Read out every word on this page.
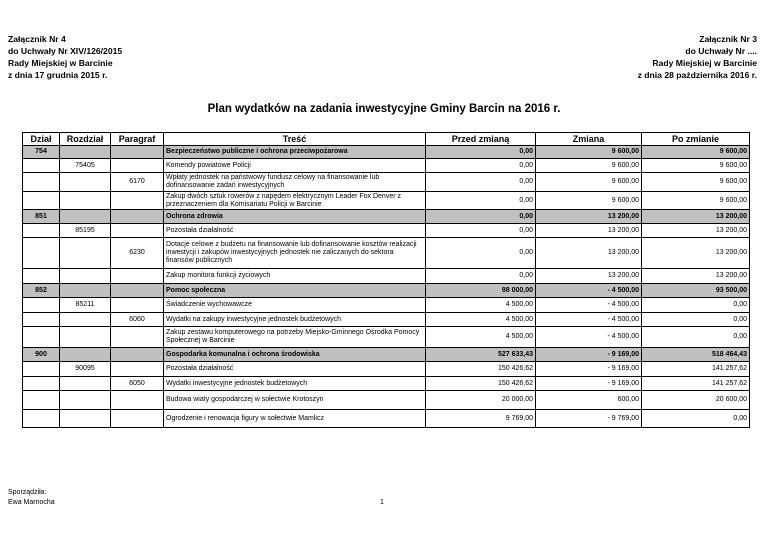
Załącznik Nr 4
do Uchwały Nr XIV/126/2015
Rady Miejskiej w Barcinie
z dnia 17 grudnia 2015 r.
Załącznik Nr 3
do Uchwały Nr ....
Rady Miejskiej w Barcinie
z dnia 28 października 2016 r.
Plan wydatków na zadania inwestycyjne Gminy Barcin na 2016 r.
Dział	Rozdział	Paragraf	Treść	Przed zmianą	Zmiana	Po zmianie
754			Bezpieczeństwo publiczne i ochrona przeciwpożarowa	0,00	9 600,00	9 600,00
	75405		Komendy powiatowe Policji	0,00	9 600,00	9 600,00
		6170	Wpłaty jednostek na państwowy fundusz celowy na finansowanie lub dofinansowanie zadań inwestycyjnych	0,00	9 600,00	9 600,00
			Zakup dwóch sztuk rowerów z napędem elektrycznym Leader Fox Denver z przeznaczeniem dla Komisariatu Policji w Barcinie	0,00	9 600,00	9 600,00
851			Ochrona zdrowia	0,00	13 200,00	13 200,00
	85195		Pozostała działalność	0,00	13 200,00	13 200,00
		6230	Dotacje celowe z budżetu na finansowanie lub dofinansowanie kosztów realizacji inwestycji i zakupów inwestycyjnych jednostek nie zaliczanych do sektora finansów publicznych	0,00	13 200,00	13 200,00
			Zakup monitora funkcji życiowych	0,00	13 200,00	13 200,00
852			Pomoc społeczna	98 000,00	- 4 500,00	93 500,00
	85211		Świadczenie wychowawcze	4 500,00	- 4 500,00	0,00
		6060	Wydatki na zakupy inwestycyjne jednostek budżetowych	4 500,00	- 4 500,00	0,00
			Zakup zestawu komputerowego na potrzeby Miejsko-Gminnego Ośrodka Pomocy Społecznej w Barcinie	4 500,00	- 4 500,00	0,00
900			Gospodarka komunalna i ochrona środowiska	527 633,43	- 9 169,00	518 464,43
	90095		Pozostała działalność	150 426,62	- 9 169,00	141 257,62
		6050	Wydatki inwestycyjne jednostek budżetowych	150 426,62	- 9 169,00	141 257,62
			Budowa wiaty gospodarczej w sołectwie Krotoszyn	20 000,00	600,00	20 600,00
			Ogrodzenie i renowacja figury w sołectwie Mamlicz	9 769,00	- 9 769,00	0,00
Sporządziła:
Ewa Marnocha	1
